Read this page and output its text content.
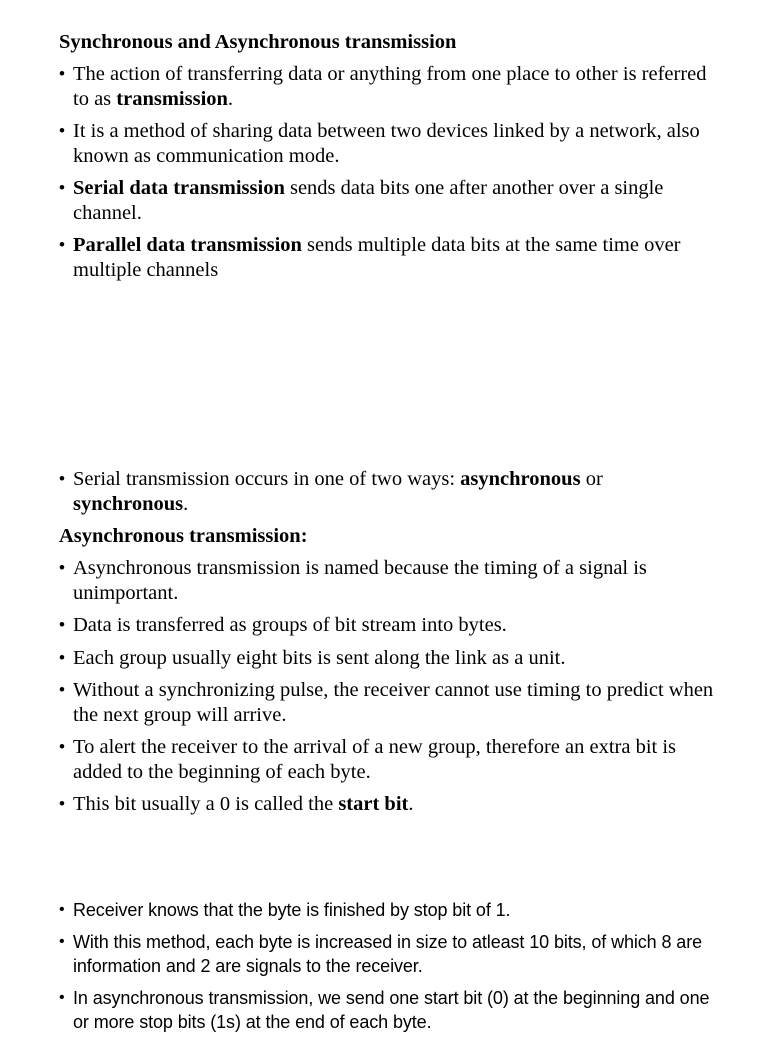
Synchronous and Asynchronous transmission
• The action of transferring data or anything from one place to other is referred to as transmission.
• It is a method of sharing data between two devices linked by a network, also known as communication mode.
• Serial data transmission sends data bits one after another over a single channel.
• Parallel data transmission sends multiple data bits at the same time over multiple channels
• Serial transmission occurs in one of two ways: asynchronous or synchronous.
Asynchronous transmission:
• Asynchronous transmission is named because the timing of a signal is unimportant.
• Data is transferred as groups of bit stream into bytes.
• Each group usually eight bits is sent along the link as a unit.
• Without a synchronizing pulse, the receiver cannot use timing to predict when the next group will arrive.
• To alert the receiver to the arrival of a new group, therefore an extra bit is added to the beginning of each byte.
• This bit usually a 0 is called the start bit.
• Receiver knows that the byte is finished by stop bit of 1.
• With this method, each byte is increased in size to atleast 10 bits, of which 8 are information and 2 are signals to the receiver.
• In asynchronous transmission, we send one start bit (0) at the beginning and one or more stop bits (1s) at the end of each byte.
